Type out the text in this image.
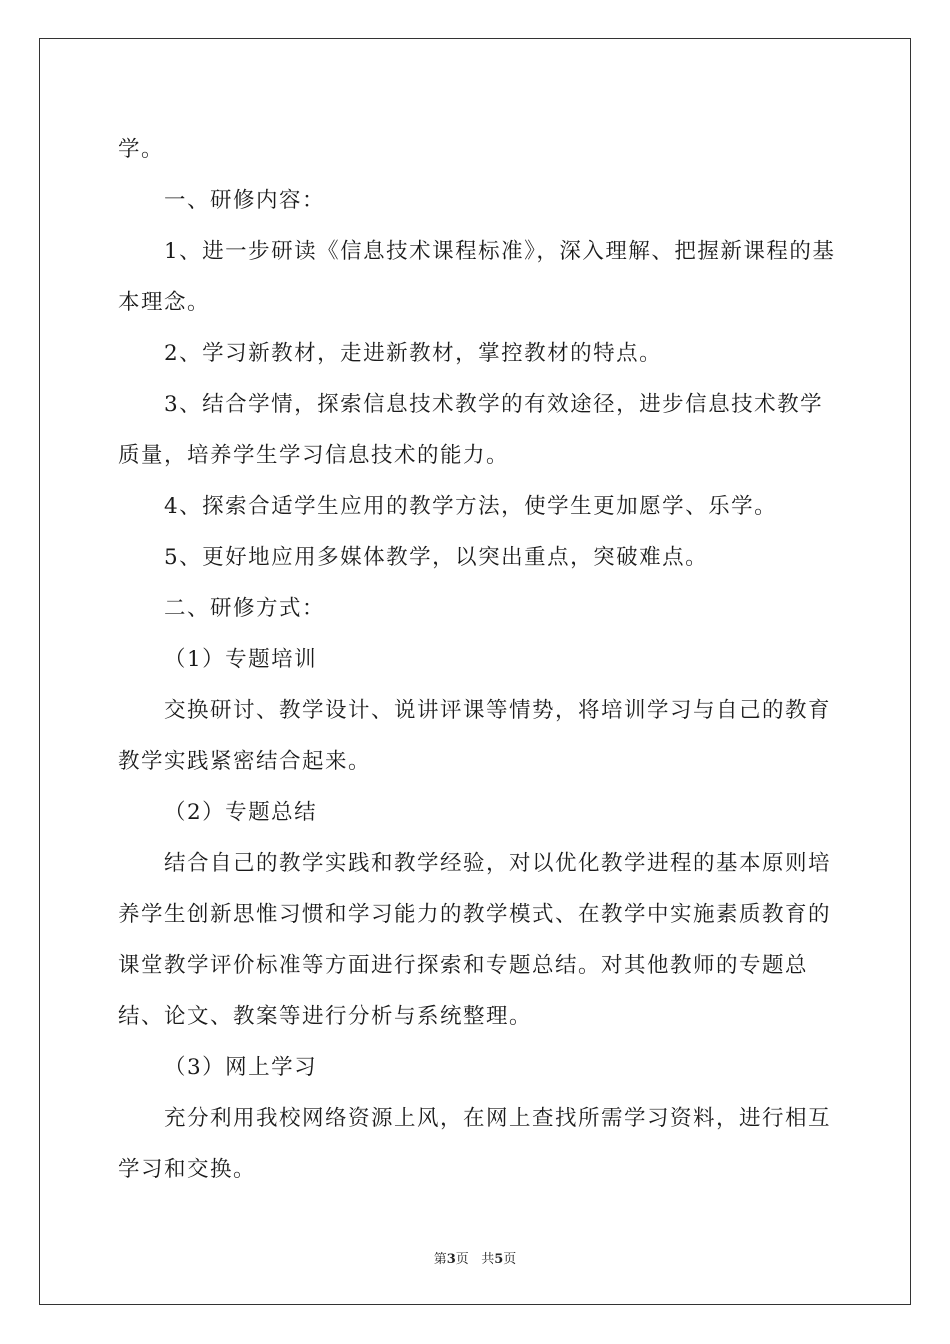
学。

一、研修内容：

1、进一步研读《信息技术课程标准》，深入理解、把握新课程的基本理念。

2、学习新教材，走进新教材，掌控教材的特点。

3、结合学情，探索信息技术教学的有效途径，进步信息技术教学质量，培养学生学习信息技术的能力。

4、探索合适学生应用的教学方法，使学生更加愿学、乐学。

5、更好地应用多媒体教学，以突出重点，突破难点。

二、研修方式：

（1）专题培训

交换研讨、教学设计、说讲评课等情势，将培训学习与自己的教育教学实践紧密结合起来。

（2）专题总结

结合自己的教学实践和教学经验，对以优化教学进程的基本原则培养学生创新思惟习惯和学习能力的教学模式、在教学中实施素质教育的课堂教学评价标准等方面进行探索和专题总结。对其他教师的专题总结、论文、教案等进行分析与系统整理。

（3）网上学习

充分利用我校网络资源上风，在网上查找所需学习资料，进行相互学习和交换。

第3页 共5页
